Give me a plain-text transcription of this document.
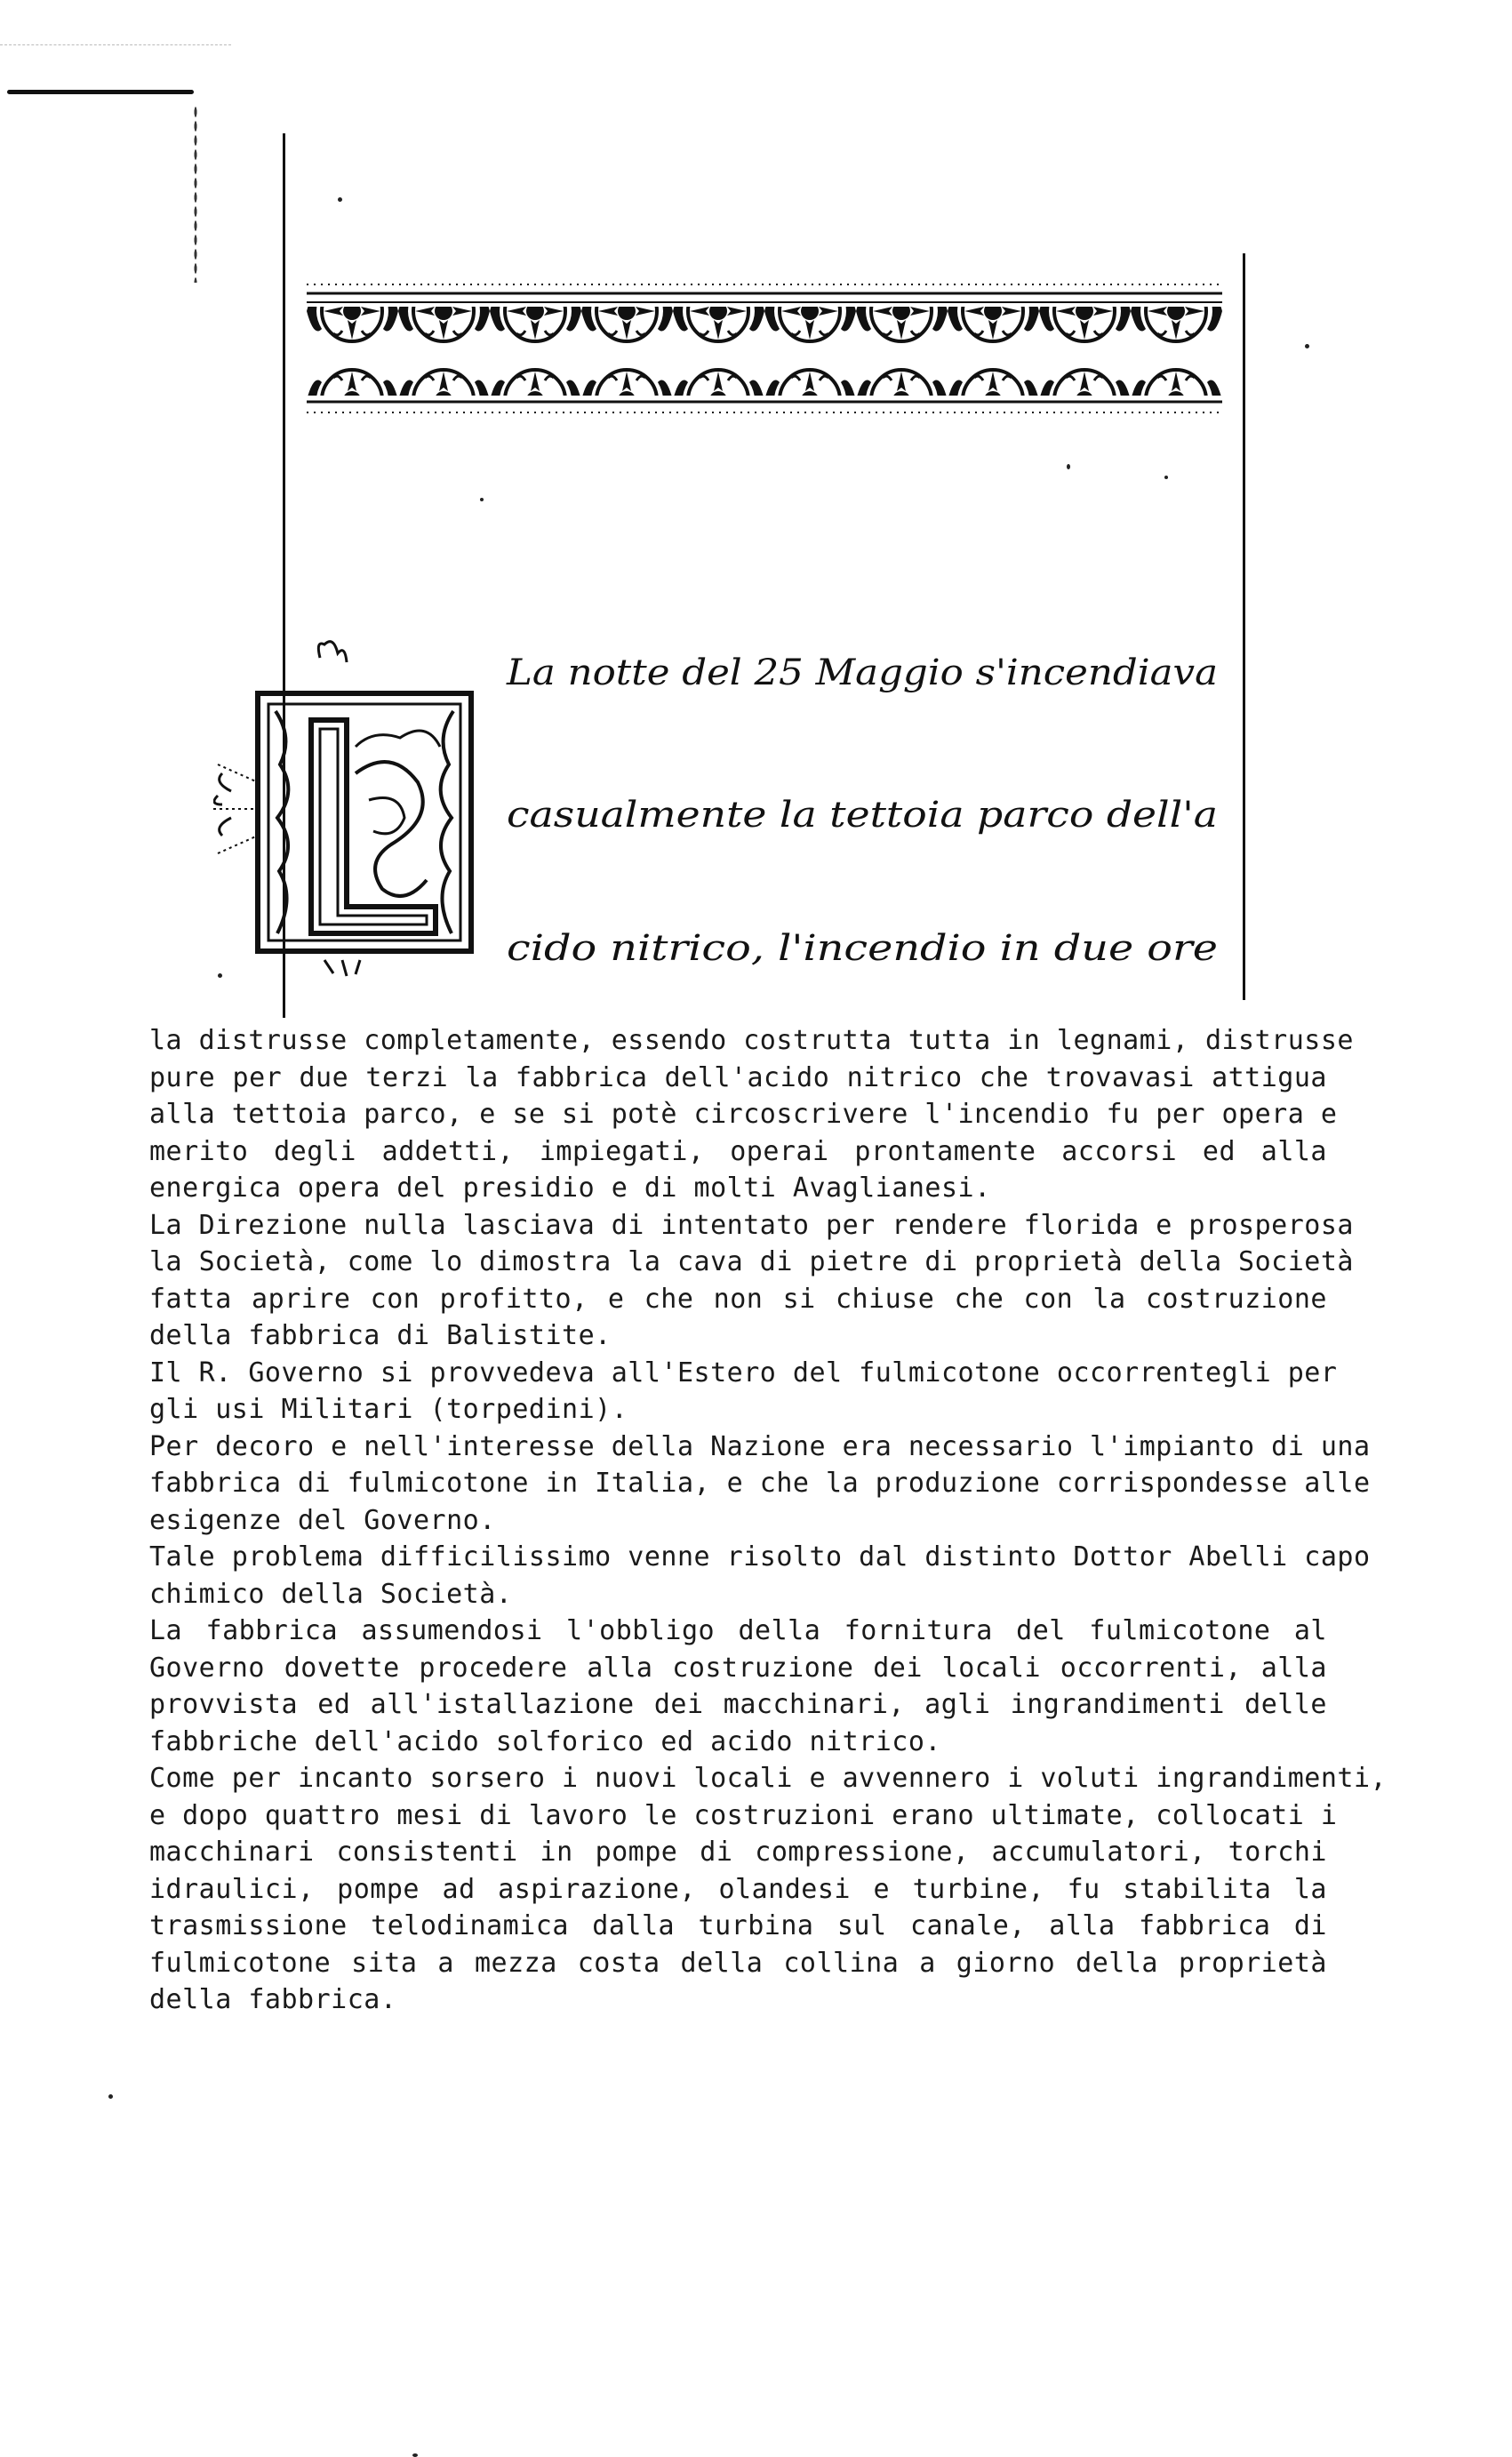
La notte del 25 Maggio s'incendiava
casualmente la tettoia parco dell'a
cido nitrico, l'incendio in due ore
la distrusse completamente, essendo costrutta tutta in legnami, distrusse
pure per due terzi la fabbrica dell'acido nitrico che trovavasi attigua
alla tettoia parco, e se si potè circoscrivere l'incendio fu per opera e
merito degli addetti, impiegati, operai prontamente accorsi ed alla
energica opera del presidio e di molti Avaglianesi.
La Direzione nulla lasciava di intentato per rendere florida e prosperosa
la Società, come lo dimostra la cava di pietre di proprietà della Società
fatta aprire con profitto, e che non si chiuse che con la costruzione
della fabbrica di Balistite.
Il R. Governo si provvedeva all'Estero del fulmicotone occorrentegli per
gli usi Militari (torpedini).
Per decoro e nell'interesse della Nazione era necessario l'impianto di una
fabbrica di fulmicotone in Italia, e che la produzione corrispondesse alle
esigenze del Governo.
Tale problema difficilissimo venne risolto dal distinto Dottor Abelli capo
chimico della Società.
La fabbrica assumendosi l'obbligo della fornitura del fulmicotone al
Governo dovette procedere alla costruzione dei locali occorrenti, alla
provvista ed all'istallazione dei macchinari, agli ingrandimenti delle
fabbriche dell'acido solforico ed acido nitrico.
Come per incanto sorsero i nuovi locali e avvennero i voluti ingrandimenti,
e dopo quattro mesi di lavoro le costruzioni erano ultimate, collocati i
macchinari consistenti in pompe di compressione, accumulatori, torchi
idraulici, pompe ad aspirazione, olandesi e turbine, fu stabilita la
trasmissione telodinamica dalla turbina sul canale, alla fabbrica di
fulmicotone sita a mezza costa della collina a giorno della proprietà
della fabbrica.
